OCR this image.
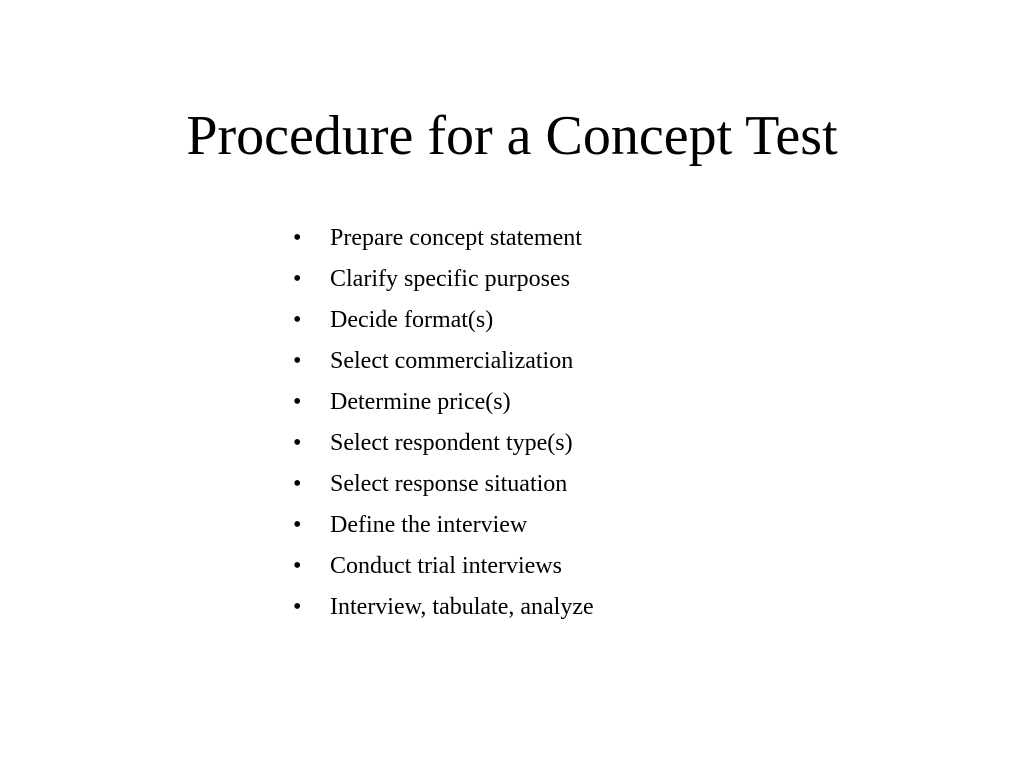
Procedure for a Concept Test
•	Prepare concept statement
•	Clarify specific purposes
•	Decide format(s)
•	Select commercialization
•	Determine price(s)
•	Select respondent type(s)
•	Select response situation
•	Define the interview
•	Conduct trial interviews
•	Interview, tabulate, analyze
